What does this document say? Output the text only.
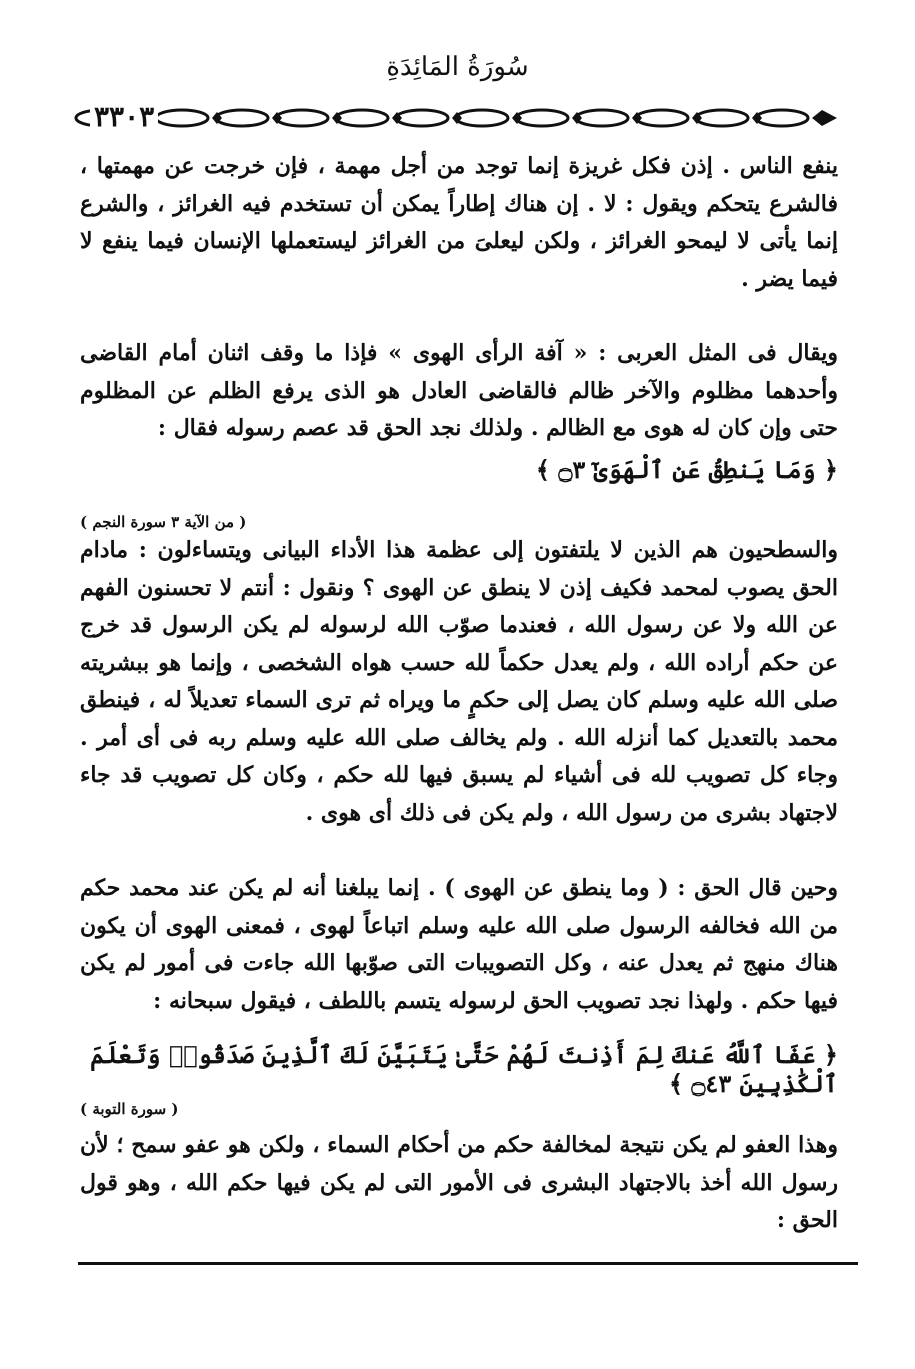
سُورَةُ المَائِدَةِ
٣٣٠٣

ينفع الناس . إذن فكل غريزة إنما توجد من أجل مهمة ، فإن خرجت عن مهمتها ، فالشرع يتحكم ويقول : لا . إن هناك إطاراً يمكن أن تستخدم فيه الغرائز ، والشرع إنما يأتى لا ليمحو الغرائز ، ولكن ليعلىَ من الغرائز ليستعملها الإنسان فيما ينفع لا فيما يضر .

ويقال فى المثل العربى : « آفة الرأى الهوى » فإذا ما وقف اثنان أمام القاضى وأحدهما مظلوم والآخر ظالم فالقاضى العادل هو الذى يرفع الظلم عن المظلوم حتى وإن كان له هوى مع الظالم . ولذلك نجد الحق قد عصم رسوله فقال :

﴿ وَمَا يَنطِقُ عَنِ ٱلْهَوَىٰٓ ۝٣ ﴾
( من الآية ٣ سورة النجم )

والسطحيون هم الذين لا يلتفتون إلى عظمة هذا الأداء البيانى ويتساءلون : مادام الحق يصوب لمحمد فكيف إذن لا ينطق عن الهوى ؟ ونقول : أنتم لا تحسنون الفهم عن الله ولا عن رسول الله ، فعندما صوّب الله لرسوله لم يكن الرسول قد خرج عن حكم أراده الله ، ولم يعدل حكماً لله حسب هواه الشخصى ، وإنما هو ببشريته صلى الله عليه وسلم كان يصل إلى حكمٍ ما ويراه ثم ترى السماء تعديلاً له ، فينطق محمد بالتعديل كما أنزله الله . ولم يخالف صلى الله عليه وسلم ربه فى أى أمر . وجاء كل تصويب لله فى أشياء لم يسبق فيها لله حكم ، وكان كل تصويب قد جاء لاجتهاد بشرى من رسول الله ، ولم يكن فى ذلك أى هوى .

وحين قال الحق : ( وما ينطق عن الهوى ) . إنما يبلغنا أنه لم يكن عند محمد حكم من الله فخالفه الرسول صلى الله عليه وسلم اتباعاً لهوى ، فمعنى الهوى أن يكون هناك منهج ثم يعدل عنه ، وكل التصويبات التى صوّبها الله جاءت فى أمور لم يكن فيها حكم . ولهذا نجد تصويب الحق لرسوله يتسم باللطف ، فيقول سبحانه :

﴿ عَفَا ٱللَّهُ عَنكَ لِمَ أَذِنتَ لَهُمْ حَتَّىٰ يَتَبَيَّنَ لَكَ ٱلَّذِينَ صَدَقُوا۟ وَتَعْلَمَ ٱلْكَٰذِبِينَ ۝٤٣ ﴾
( سورة التوبة )

وهذا العفو لم يكن نتيجة لمخالفة حكم من أحكام السماء ، ولكن هو عفو سمح ؛ لأن رسول الله أخذ بالاجتهاد البشرى فى الأمور التى لم يكن فيها حكم الله ، وهو قول الحق :
